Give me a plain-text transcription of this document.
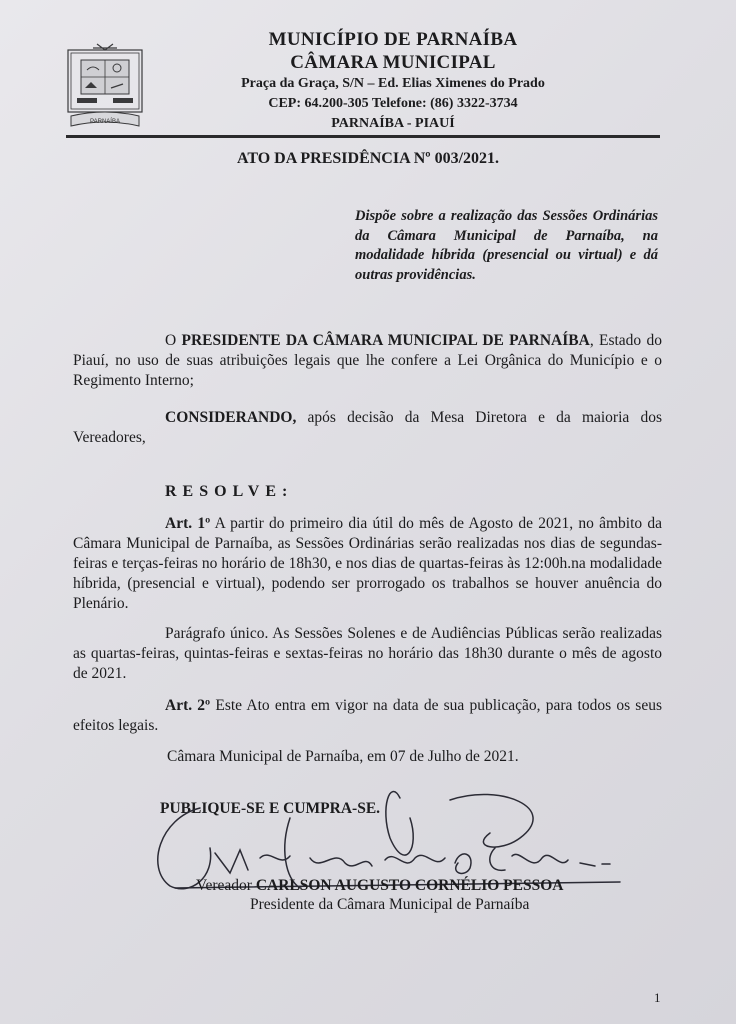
PARNAÍBA
MUNICÍPIO DE PARNAÍBA
CÂMARA MUNICIPAL
Praça da Graça, S/N – Ed. Elias Ximenes do Prado
CEP: 64.200-305 Telefone: (86) 3322-3734
PARNAÍBA - PIAUÍ
ATO DA PRESIDÊNCIA Nº 003/2021.
Dispõe sobre a realização das Sessões Ordinárias da Câmara Municipal de Parnaíba, na modalidade híbrida (presencial ou virtual) e dá outras providências.
O PRESIDENTE DA CÂMARA MUNICIPAL DE PARNAÍBA, Estado do Piauí, no uso de suas atribuições legais que lhe confere a Lei Orgânica do Município e o Regimento Interno;
CONSIDERANDO, após decisão da Mesa Diretora e da maioria dos Vereadores,
RESOLVE:
Art. 1º A partir do primeiro dia útil do mês de Agosto de 2021, no âmbito da Câmara Municipal de Parnaíba, as Sessões Ordinárias serão realizadas nos dias de segundas-feiras e terças-feiras no horário de 18h30, e nos dias de quartas-feiras às 12:00h.na modalidade híbrida, (presencial e virtual), podendo ser prorrogado os trabalhos se houver anuência do Plenário.
Parágrafo único. As Sessões Solenes e de Audiências Públicas serão realizadas as quartas-feiras, quintas-feiras e sextas-feiras no horário das 18h30 durante o mês de agosto de 2021.
Art. 2º Este Ato entra em vigor na data de sua publicação, para todos os seus efeitos legais.
Câmara Municipal de Parnaíba, em 07 de Julho de 2021.
PUBLIQUE-SE E CUMPRA-SE.
Vereador CARLSON AUGUSTO CORNÉLIO PESSOA
Presidente da Câmara Municipal de Parnaíba
1
